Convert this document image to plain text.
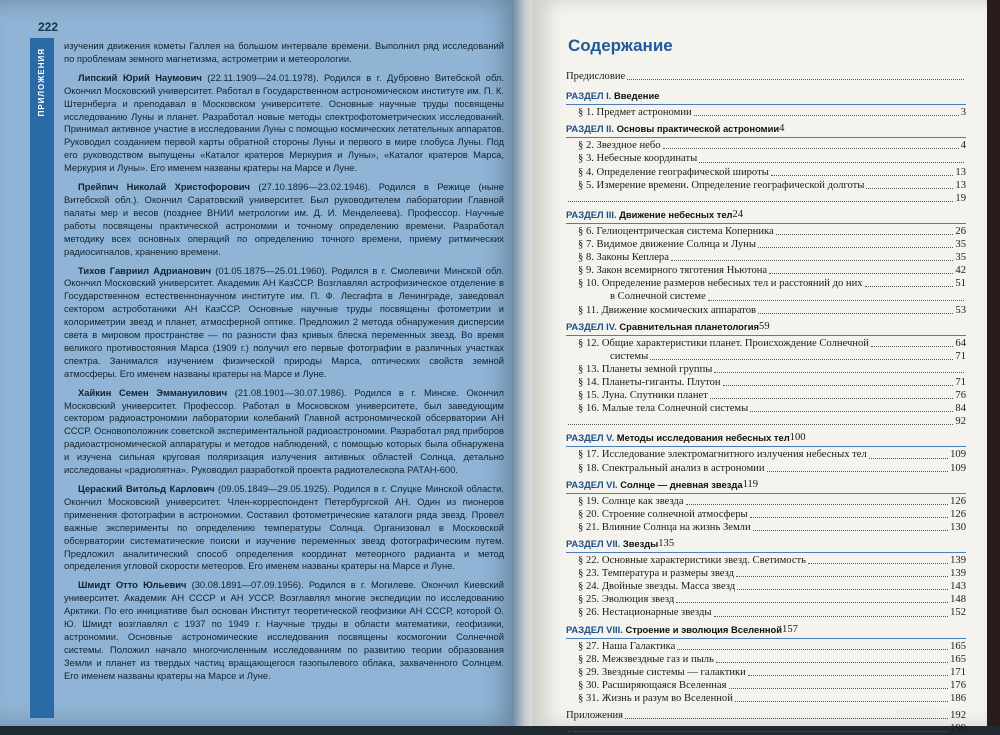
222
ПРИЛОЖЕНИЯ

изучения движения кометы Галлея на большом интервале времени. Выполнил ряд исследований по проблемам земного магнетизма, астрометрии и метеорологии.

Липский Юрий Наумович (22.11.1909—24.01.1978). Родился в г. Дубровно Витебской обл. Окончил Московский университет. Работал в Государственном астрономическом институте им. П. К. Штернберга и преподавал в Московском университете. Основные научные труды посвящены исследованию Луны и планет. Разработал новые методы спектрофотометрических исследований. Принимал активное участие в исследовании Луны с помощью космических летательных аппаратов. Руководил созданием первой карты обратной стороны Луны и первого в мире глобуса Луны. Под его руководством выпущены «Каталог кратеров Меркурия и Луны», «Каталог кратеров Марса, Меркурия и Луны». Его именем названы кратеры на Марсе и Луне.

Прейпич Николай Христофорович (27.10.1896—23.02.1946). Родился в Режице (ныне Витебской обл.). Окончил Саратовский университет. Был руководителем лаборатории Главной палаты мер и весов (позднее ВНИИ метрологии им. Д. И. Менделеева). Профессор. Научные работы посвящены практической астрономии и точному определению времени. Разработал методику всех основных операций по определению точного времени, приему ритмических радиосигналов, хранению времени.

Тихов Гавриил Адрианович (01.05.1875—25.01.1960). Родился в г. Смолевичи Минской обл. Окончил Московский университет. Академик АН КазССР. Возглавлял астрофизическое отделение в Государственном естественнонаучном институте им. П. Ф. Лесгафта в Ленинграде, заведовал сектором астроботаники АН КазССР. Основные научные труды посвящены фотометрии и колориметрии звезд и планет, атмосферной оптике. Предложил 2 метода обнаружения дисперсии света в мировом пространстве — по разности фаз кривых блеска переменных звезд. Во время великого противостояния Марса (1909 г.) получил его первые фотографии в различных участках спектра. Занимался изучением физической природы Марса, оптических свойств земной атмосферы. Его именем названы кратеры на Марсе и Луне.

Хайкин Семен Эммануилович (21.08.1901—30.07.1986). Родился в г. Минске. Окончил Московский университет. Профессор. Работал в Московском университете, был заведующим сектором радиоастрономии лаборатории колебаний Главной астрономической обсерватории АН СССР. Основоположник советской экспериментальной радиоастрономии. Разработал ряд приборов радиоастрономической аппаратуры и методов наблюдений, с помощью которых была обнаружена и изучена сильная круговая поляризация излучения активных областей Солнца, детально исследованы «радиопятна». Руководил разработкой проекта радиотелескопа РАТАН-600.

Цераский Витольд Карлович (09.05.1849—29.05.1925). Родился в г. Слуцке Минской области. Окончил Московский университет. Член-корреспондент Петербургской АН. Один из пионеров применения фотографии в астрономии. Составил фотометрические каталоги ряда звезд. Провел важные эксперименты по определению температуры Солнца. Организовал в Московской обсерватории систематические поиски и изучение переменных звезд фотографическим путем. Предложил аналитический способ определения координат метеорного радианта и метод определения угловой скорости метеоров. Его именем названы кратеры на Марсе и Луне.

Шмидт Отто Юльевич (30.08.1891—07.09.1956). Родился в г. Могилеве. Окончил Киевский университет. Академик АН СССР и АН УССР. Возглавлял многие экспедиции по исследованию Арктики. По его инициативе был основан Институт теоретической геофизики АН СССР, которой О. Ю. Шмидт возглавлял с 1937 по 1949 г. Научные труды в области математики, геофизики, астрономии. Основные астрономические исследования посвящены космогонии Солнечной системы. Положил начало многочисленным исследованиям по развитию теории образования Земли и планет из твердых частиц вращающегося газопылевого облака, захваченного Солнцем. Его именем названы кратеры на Марсе и Луне.

Содержание
Предисловие
РАЗДЕЛ I. Введение
§ 1. Предмет астрономии	3
РАЗДЕЛ II. Основы практической астрономии 4
§ 2. Звездное небо	4
§ 3. Небесные координаты
§ 4. Определение географической широты	13
§ 5. Измерение времени. Определение географической долготы	13
19
РАЗДЕЛ III. Движение небесных тел 24
§ 6. Гелиоцентрическая система Коперника	26
§ 7. Видимое движение Солнца и Луны	35
§ 8. Законы Кеплера	35
§ 9. Закон всемирного тяготения Ньютона	42
§ 10. Определение размеров небесных тел и расстояний до них	51
в Солнечной системе
§ 11. Движение космических аппаратов	53
РАЗДЕЛ IV. Сравнительная планетология 59
§ 12. Общие характеристики планет. Происхождение Солнечной	64
системы	71
§ 13. Планеты земной группы
§ 14. Планеты-гиганты. Плутон	71
§ 15. Луна. Спутники планет	76
§ 16. Малые тела Солнечной системы	84
92
РАЗДЕЛ V. Методы исследования небесных тел 100
§ 17. Исследование электромагнитного излучения небесных тел	109
§ 18. Спектральный анализ в астрономии	109
РАЗДЕЛ VI. Солнце — дневная звезда 119
§ 19. Солнце как звезда	126
§ 20. Строение солнечной атмосферы	126
§ 21. Влияние Солнца на жизнь Земли	130
РАЗДЕЛ VII. Звезды 135
§ 22. Основные характеристики звезд. Светимость	139
§ 23. Температура и размеры звезд	139
§ 24. Двойные звезды. Масса звезд	143
§ 25. Эволюция звезд	148
§ 26. Нестационарные звезды	152
РАЗДЕЛ VIII. Строение и эволюция Вселенной 157
§ 27. Наша Галактика	165
§ 28. Межзвездные газ и пыль	165
§ 29. Звездные системы — галактики	171
§ 30. Расширяющаяся Вселенная	176
§ 31. Жизнь и разум во Вселенной	186
Приложения	192
199
www.ay.by
